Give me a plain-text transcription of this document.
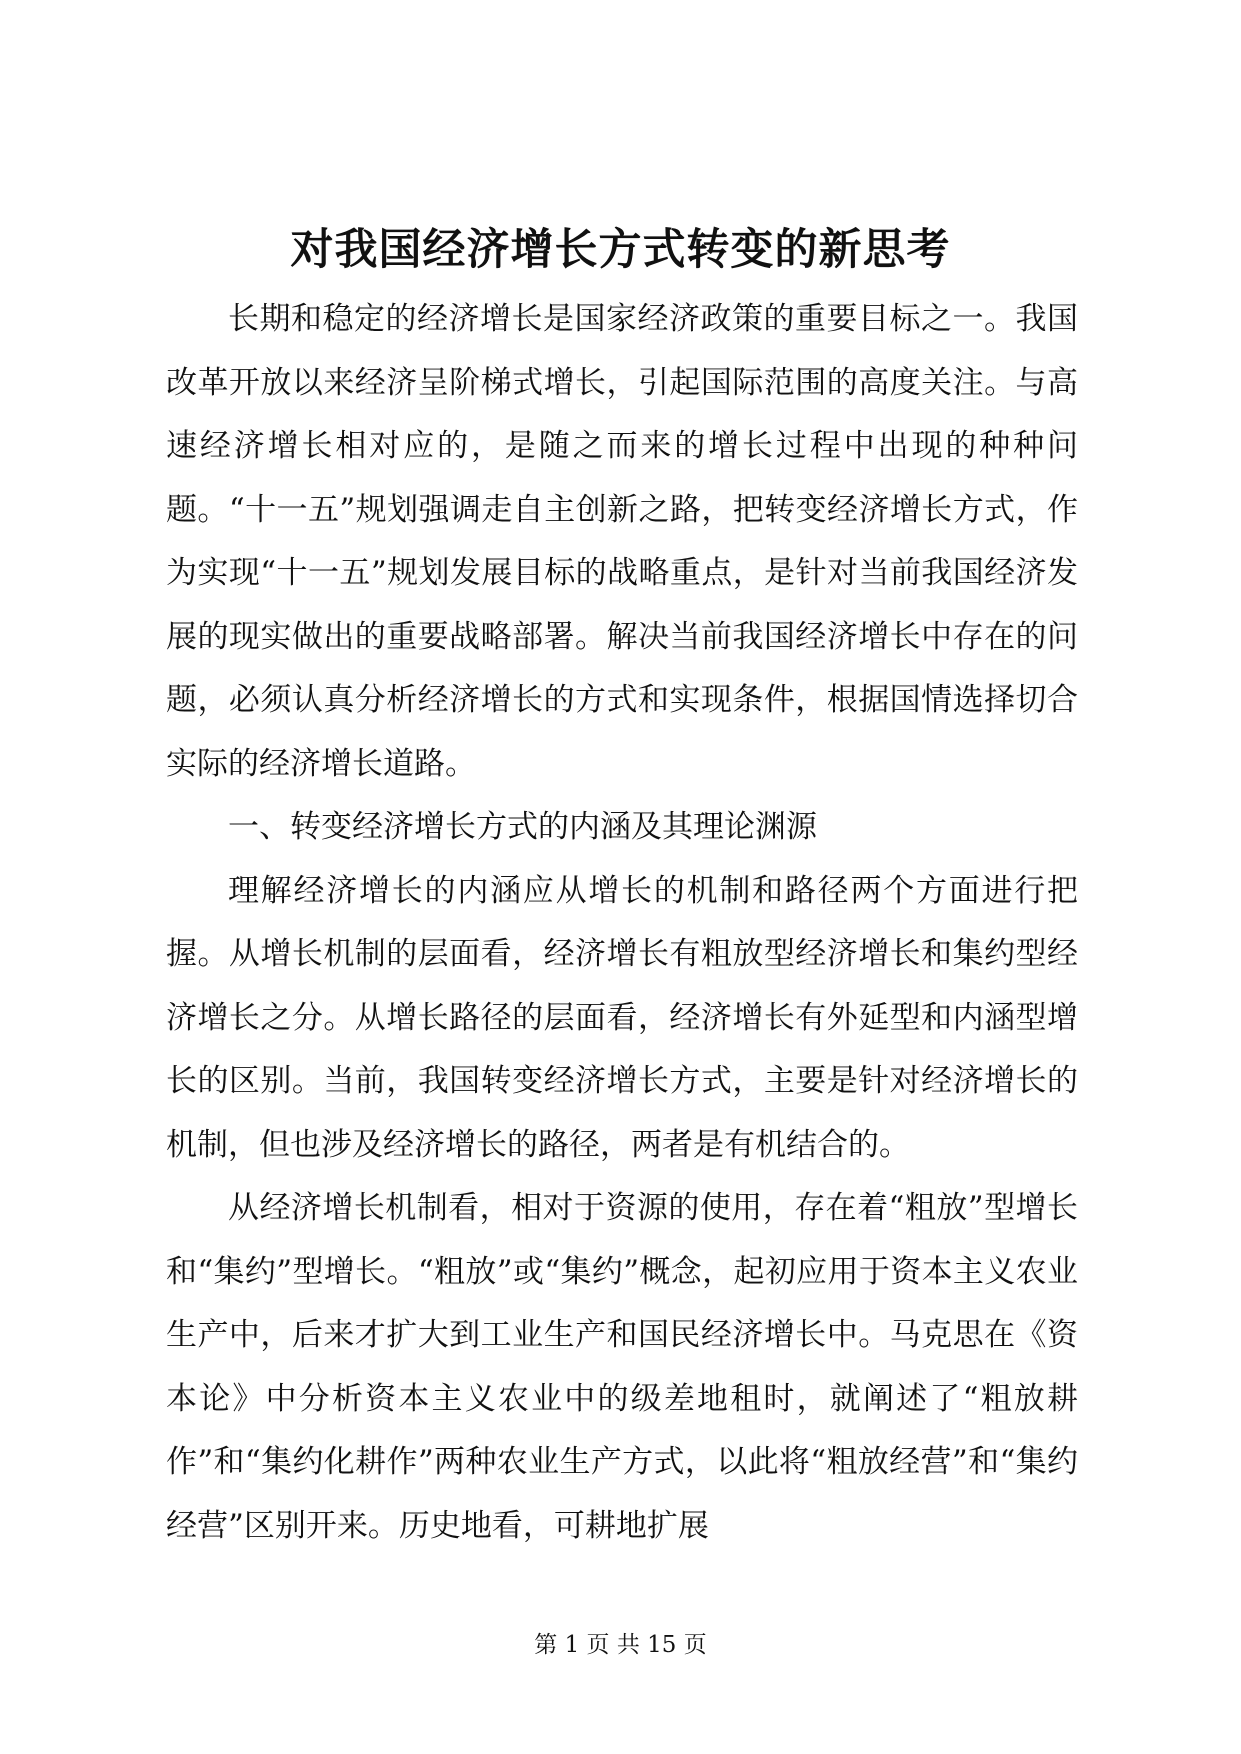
对我国经济增长方式转变的新思考

长期和稳定的经济增长是国家经济政策的重要目标之一。我国改革开放以来经济呈阶梯式增长，引起国际范围的高度关注。与高速经济增长相对应的，是随之而来的增长过程中出现的种种问题。“十一五”规划强调走自主创新之路，把转变经济增长方式，作为实现“十一五”规划发展目标的战略重点，是针对当前我国经济发展的现实做出的重要战略部署。解决当前我国经济增长中存在的问题，必须认真分析经济增长的方式和实现条件，根据国情选择切合实际的经济增长道路。

一、转变经济增长方式的内涵及其理论渊源

理解经济增长的内涵应从增长的机制和路径两个方面进行把握。从增长机制的层面看，经济增长有粗放型经济增长和集约型经济增长之分。从增长路径的层面看，经济增长有外延型和内涵型增长的区别。当前，我国转变经济增长方式，主要是针对经济增长的机制，但也涉及经济增长的路径，两者是有机结合的。

从经济增长机制看，相对于资源的使用，存在着“粗放”型增长和“集约”型增长。“粗放”或“集约”概念，起初应用于资本主义农业生产中，后来才扩大到工业生产和国民经济增长中。马克思在《资本论》中分析资本主义农业中的级差地租时，就阐述了“粗放耕作”和“集约化耕作”两种农业生产方式，以此将“粗放经营”和“集约经营”区别开来。历史地看，可耕地扩展

第 1 页 共 15 页
